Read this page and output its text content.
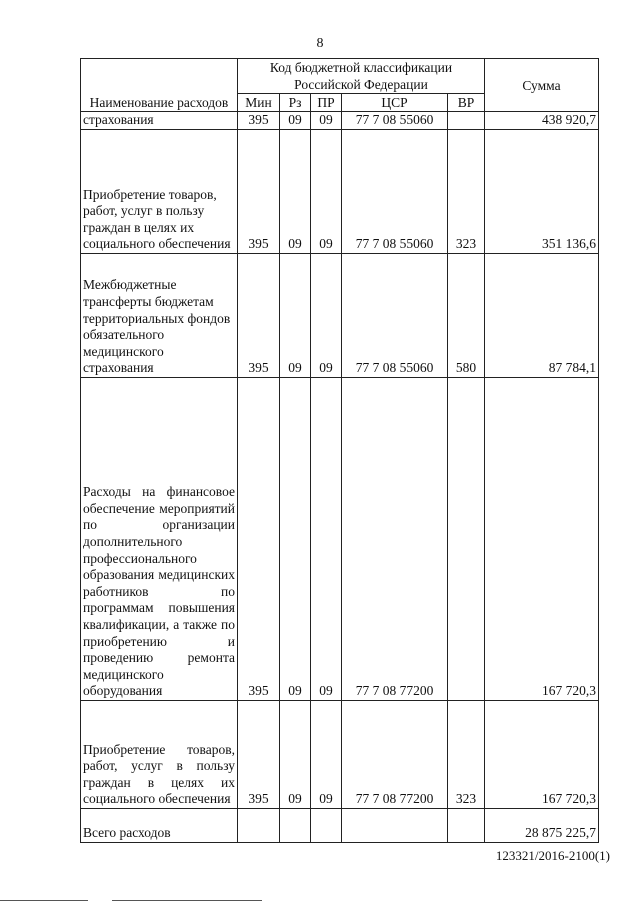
8
Наименование расходов	Код бюджетной классификации Российской Федерации					Сумма
	Мин	Рз	ПР	ЦСР	ВР	
страхования	395	09	09	77 7 08 55060		438 920,7
Приобретение товаров, работ, услуг в пользу граждан в целях их социального обеспечения	395	09	09	77 7 08 55060	323	351 136,6
Межбюджетные трансферты бюджетам территориальных фондов обязательного медицинского страхования	395	09	09	77 7 08 55060	580	87 784,1
Расходы на финансовое обеспечение мероприятий по организации дополнительного профессионального образования медицинских работников по программам повышения квалификации, а также по приобретению и проведению ремонта медицинского оборудования	395	09	09	77 7 08 77200		167 720,3
Приобретение товаров, работ, услуг в пользу граждан в целях их социального обеспечения	395	09	09	77 7 08 77200	323	167 720,3
Всего расходов						28 875 225,7
123321/2016-2100(1)
